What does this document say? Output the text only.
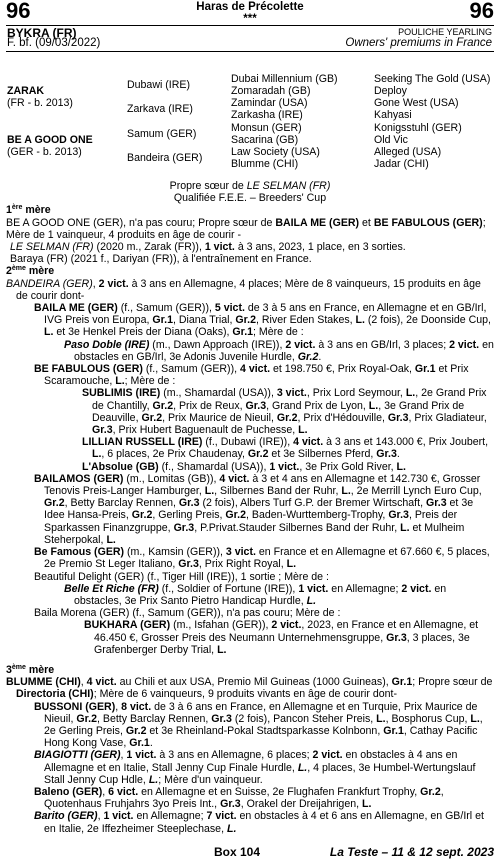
96	96
Haras de Précolette
***
BYKRA (FR)
F. bf. (09/03/2022)
POULICHE YEARLING
Owners' premiums in France
ZARAK
(FR - b. 2013)
BE A GOOD ONE
(GER - b. 2013)
Dubawi (IRE)
Zarkava (IRE)
Samum (GER)
Bandeira (GER)
Dubai Millennium (GB)
Zomaradah (GB)
Zamindar (USA)
Zarkasha (IRE)
Monsun (GER)
Sacarina (GB)
Law Society (USA)
Blumme (CHI)
Seeking The Gold (USA)
Deploy
Gone West (USA)
Kahyasi
Konigsstuhl (GER)
Old Vic
Alleged (USA)
Jadar (CHI)

Propre sœur de LE SELMAN (FR)

Qualifiée F.E.E. – Breeders' Cup

1ère mère

BE A GOOD ONE (GER), n'a pas couru; Propre sœur de BAILA ME (GER) et BE FABULOUS (GER); Mère de 1 vainqueur, 4 produits en âge de courir -

LE SELMAN (FR) (2020 m., Zarak (FR)), 1 vict. à 3 ans, 2023, 1 place, en 3 sorties.

Baraya (FR) (2021 f., Dariyan (FR)), à l'entraînement en France.

2ème mère

BANDEIRA (GER), 2 vict. à 3 ans en Allemagne, 4 places; Mère de 8 vainqueurs, 15 produits en âge de courir dont-

BAILA ME (GER) (f., Samum (GER)), 5 vict. de 3 à 5 ans en France, en Allemagne et en GB/Irl, IVG Preis von Europa, Gr.1, Diana Trial, Gr.2, River Eden Stakes, L. (2 fois), 2e Doonside Cup, L. et 3e Henkel Preis der Diana (Oaks), Gr.1; Mère de :

Paso Doble (IRE) (m., Dawn Approach (IRE)), 2 vict. à 3 ans en GB/Irl, 3 places; 2 vict. en obstacles en GB/Irl, 3e Adonis Juvenile Hurdle, Gr.2.

BE FABULOUS (GER) (f., Samum (GER)), 4 vict. et 198.750 €, Prix Royal-Oak, Gr.1 et Prix Scaramouche, L.; Mère de :

SUBLIMIS (IRE) (m., Shamardal (USA)), 3 vict., Prix Lord Seymour, L., 2e Grand Prix de Chantilly, Gr.2, Prix de Reux, Gr.3, Grand Prix de Lyon, L., 3e Grand Prix de Deauville, Gr.2, Prix Maurice de Nieuil, Gr.2, Prix d'Hédouville, Gr.3, Prix Gladiateur, Gr.3, Prix Hubert Baguenault de Puchesse, L.

LILLIAN RUSSELL (IRE) (f., Dubawi (IRE)), 4 vict. à 3 ans et 143.000 €, Prix Joubert, L., 6 places, 2e Prix Chaudenay, Gr.2 et 3e Silbernes Pferd, Gr.3.

L'Absolue (GB) (f., Shamardal (USA)), 1 vict., 3e Prix Gold River, L.

BAILAMOS (GER) (m., Lomitas (GB)), 4 vict. à 3 et 4 ans en Allemagne et 142.730 €, Grosser Tenovis Preis-Langer Hamburger, L., Silbernes Band der Ruhr, L., 2e Merrill Lynch Euro Cup, Gr.2, Betty Barclay Rennen, Gr.3 (2 fois), Albers Turf G.P. der Bremer Wirtschaft, Gr.3 et 3e Idee Hansa-Preis, Gr.2, Gerling Preis, Gr.2, Baden-Wurttemberg-Trophy, Gr.3, Preis der Sparkassen Finanzgruppe, Gr.3, P.Privat.Stauder Silbernes Band der Ruhr, L. et Mulheim Steherpokal, L.

Be Famous (GER) (m., Kamsin (GER)), 3 vict. en France et en Allemagne et 67.660 €, 5 places, 2e Premio St Leger Italiano, Gr.3, Prix Right Royal, L.

Beautiful Delight (GER) (f., Tiger Hill (IRE)), 1 sortie ; Mère de :

Belle Et Riche (FR) (f., Soldier of Fortune (IRE)), 1 vict. en Allemagne; 2 vict. en obstacles, 3e Prix Santo Pietro Handicap Hurdle, L.

Baila Morena (GER) (f., Samum (GER)), n'a pas couru; Mère de :

BUKHARA (GER) (m., Isfahan (GER)), 2 vict., 2023, en France et en Allemagne, et 46.450 €, Grosser Preis des Neumann Unternehmensgruppe, Gr.3, 3 places, 3e Grafenberger Derby Trial, L.

3ème mère

BLUMME (CHI), 4 vict. au Chili et aux USA, Premio Mil Guineas (1000 Guineas), Gr.1; Propre sœur de Directoria (CHI); Mère de 6 vainqueurs, 9 produits vivants en âge de courir dont-

BUSSONI (GER), 8 vict. de 3 à 6 ans en France, en Allemagne et en Turquie, Prix Maurice de Nieuil, Gr.2, Betty Barclay Rennen, Gr.3 (2 fois), Pancon Steher Preis, L., Bosphorus Cup, L., 2e Gerling Preis, Gr.2 et 3e Rheinland-Pokal Stadtsparkasse Kolnbonn, Gr.1, Cathay Pacific Hong Kong Vase, Gr.1.

BIAGIOTTI (GER), 1 vict. à 3 ans en Allemagne, 6 places; 2 vict. en obstacles à 4 ans en Allemagne et en Italie, Stall Jenny Cup Finale Hurdle, L., 4 places, 3e Humbel-Wertungslauf Stall Jenny Cup Hdle, L.; Mère d'un vainqueur.

Baleno (GER), 6 vict. en Allemagne et en Suisse, 2e Flughafen Frankfurt Trophy, Gr.2, Quotenhaus Fruhjahrs 3yo Preis Int., Gr.3, Orakel der Dreijahrigen, L.

Barito (GER), 1 vict. en Allemagne; 7 vict. en obstacles à 4 et 6 ans en Allemagne, en GB/Irl et en Italie, 2e Iffezheimer Steeplechase, L.

Box 104	La Teste – 11 & 12 sept. 2023
